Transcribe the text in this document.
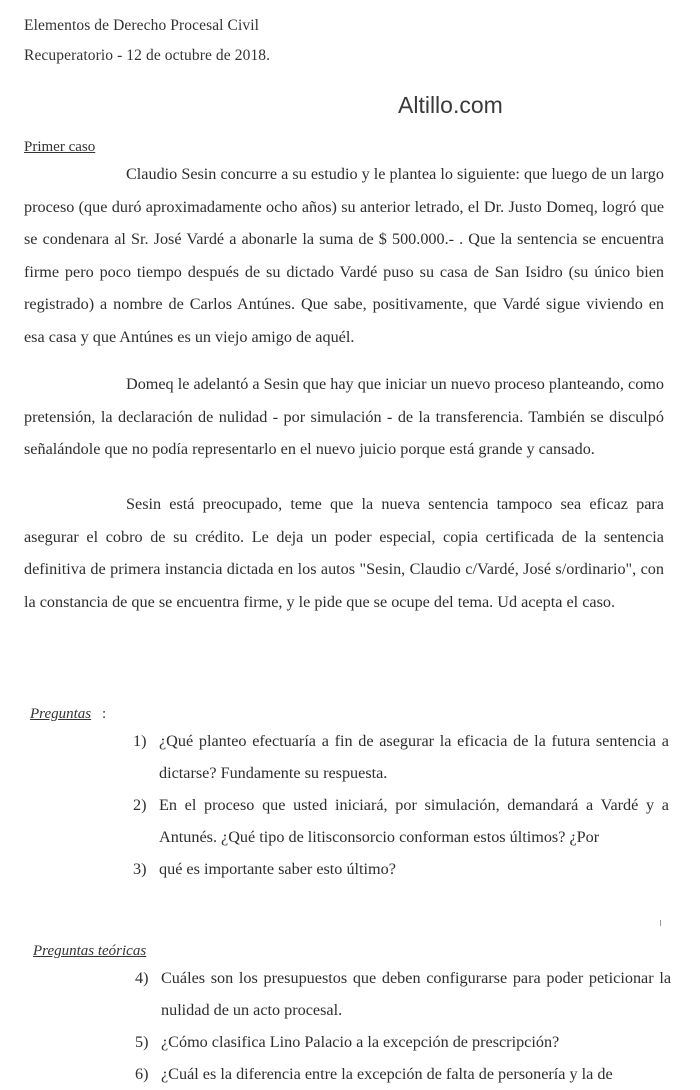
Elementos de Derecho Procesal Civil
Recuperatorio - 12 de octubre de 2018.
Altillo.com
Primer caso

Claudio Sesin concurre a su estudio y le plantea lo siguiente: que luego de un largo proceso (que duró aproximadamente ocho años) su anterior letrado, el Dr. Justo Domeq, logró que se condenara al Sr. José Vardé a abonarle la suma de $ 500.000.- . Que la sentencia se encuentra firme pero poco tiempo después de su dictado Vardé puso su casa de San Isidro (su único bien registrado) a nombre de Carlos Antúnes. Que sabe, positivamente, que Vardé sigue viviendo en esa casa y que Antúnes es un viejo amigo de aquél.

Domeq le adelantó a Sesin que hay que iniciar un nuevo proceso planteando, como pretensión, la declaración de nulidad - por simulación - de la transferencia. También se disculpó señalándole que no podía representarlo en el nuevo juicio porque está grande y cansado.

Sesin está preocupado, teme que la nueva sentencia tampoco sea eficaz para asegurar el cobro de su crédito. Le deja un poder especial, copia certificada de la sentencia definitiva de primera instancia dictada en los autos "Sesin, Claudio c/Vardé, José s/ordinario", con la constancia de que se encuentra firme, y le pide que se ocupe del tema. Ud acepta el caso.

Preguntas :
1) ¿Qué planteo efectuaría a fin de asegurar la eficacia de la futura sentencia a dictarse? Fundamente su respuesta.
2) En el proceso que usted iniciará, por simulación, demandará a Vardé y a Antunés. ¿Qué tipo de litisconsorcio conforman estos últimos? ¿Por
3) qué es importante saber esto último?
Preguntas teóricas
4) Cuáles son los presupuestos que deben configurarse para poder peticionar la nulidad de un acto procesal.
5) ¿Cómo clasifica Lino Palacio a la excepción de prescripción?
6) ¿Cuál es la diferencia entre la excepción de falta de personería y la de
